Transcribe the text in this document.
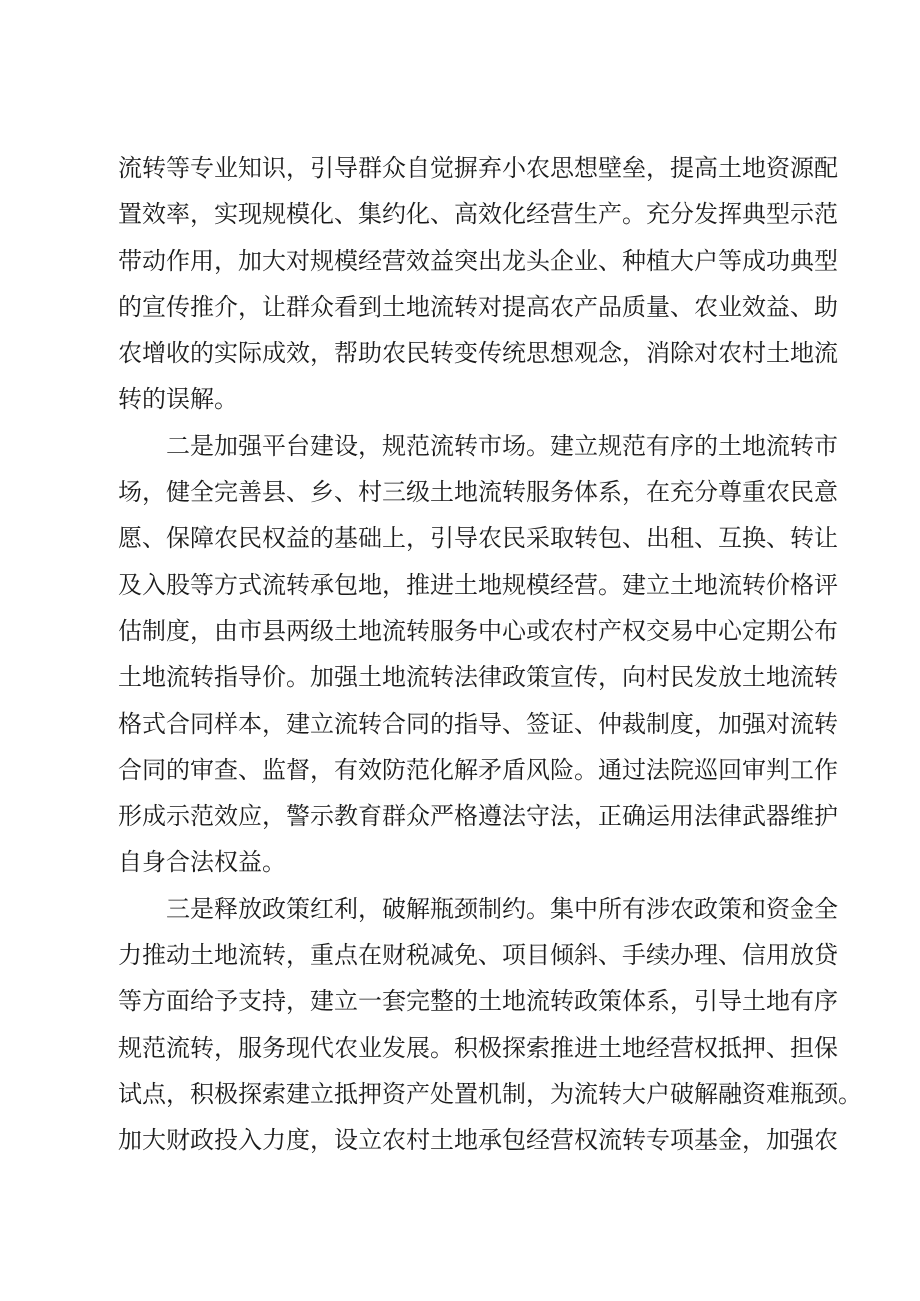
流转等专业知识，引导群众自觉摒弃小农思想壁垒，提高土地资源配
置效率，实现规模化、集约化、高效化经营生产。充分发挥典型示范
带动作用，加大对规模经营效益突出龙头企业、种植大户等成功典型
的宣传推介，让群众看到土地流转对提高农产品质量、农业效益、助
农增收的实际成效，帮助农民转变传统思想观念，消除对农村土地流
转的误解。
二是加强平台建设，规范流转市场。建立规范有序的土地流转市
场，健全完善县、乡、村三级土地流转服务体系，在充分尊重农民意
愿、保障农民权益的基础上，引导农民采取转包、出租、互换、转让
及入股等方式流转承包地，推进土地规模经营。建立土地流转价格评
估制度，由市县两级土地流转服务中心或农村产权交易中心定期公布
土地流转指导价。加强土地流转法律政策宣传，向村民发放土地流转
格式合同样本，建立流转合同的指导、签证、仲裁制度，加强对流转
合同的审查、监督，有效防范化解矛盾风险。通过法院巡回审判工作
形成示范效应，警示教育群众严格遵法守法，正确运用法律武器维护
自身合法权益。
三是释放政策红利，破解瓶颈制约。集中所有涉农政策和资金全
力推动土地流转，重点在财税减免、项目倾斜、手续办理、信用放贷
等方面给予支持，建立一套完整的土地流转政策体系，引导土地有序
规范流转，服务现代农业发展。积极探索推进土地经营权抵押、担保
试点，积极探索建立抵押资产处置机制，为流转大户破解融资难瓶颈。
加大财政投入力度，设立农村土地承包经营权流转专项基金，加强农
